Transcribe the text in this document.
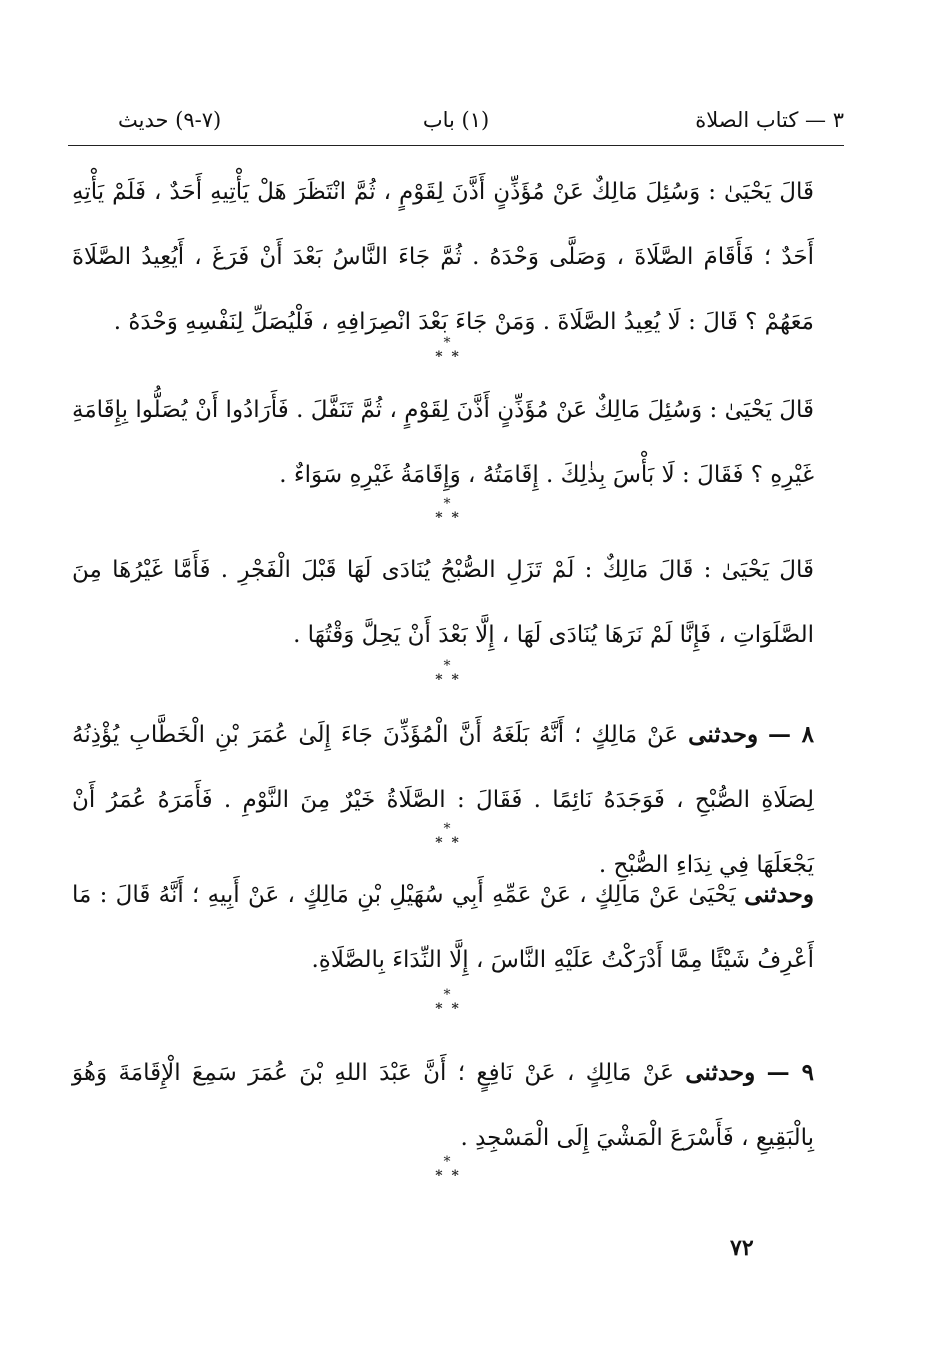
٣ — كتاب الصلاة
(١) باب
(٧-٩) حديث

قَالَ يَحْيَىٰ : وَسُئِلَ مَالِكٌ عَنْ مُؤَذِّنٍ أَذَّنَ لِقَوْمٍ ، ثُمَّ انْتَظَرَ هَلْ يَأْتِيهِ أَحَدٌ ، فَلَمْ يَأْتِهِ أَحَدٌ ؛ فَأَقَامَ الصَّلَاةَ ، وَصَلَّى وَحْدَهُ . ثُمَّ جَاءَ النَّاسُ بَعْدَ أَنْ فَرَغَ ، أَيُعِيدُ الصَّلَاةَ مَعَهُمْ ؟ قَالَ : لَا يُعِيدُ الصَّلَاةَ . وَمَنْ جَاءَ بَعْدَ انْصِرَافِهِ ، فَلْيُصَلِّ لِنَفْسِهِ وَحْدَهُ .

*
* *

قَالَ يَحْيَىٰ : وَسُئِلَ مَالِكٌ عَنْ مُؤَذِّنٍ أَذَّنَ لِقَوْمٍ ، ثُمَّ تَنَفَّلَ . فَأَرَادُوا أَنْ يُصَلُّوا بِإِقَامَةِ غَيْرِهِ ؟ فَقَالَ : لَا بَأْسَ بِذٰلِكَ . إِقَامَتُهُ ، وَإِقَامَةُ غَيْرِهِ سَوَاءٌ .

*
* *

قَالَ يَحْيَىٰ : قَالَ مَالِكٌ : لَمْ تَزَلِ الصُّبْحُ يُنَادَى لَهَا قَبْلَ الْفَجْرِ . فَأَمَّا غَيْرُهَا مِنَ الصَّلَوَاتِ ، فَإِنَّا لَمْ نَرَهَا يُنَادَى لَهَا ، إِلَّا بَعْدَ أَنْ يَحِلَّ وَقْتُهَا .

*
* *

٨ — وحدثنى عَنْ مَالِكٍ ؛ أَنَّهُ بَلَغَهُ أَنَّ الْمُؤَذِّنَ جَاءَ إِلَىٰ عُمَرَ بْنِ الْخَطَّابِ يُؤْذِنُهُ لِصَلَاةِ الصُّبْحِ ، فَوَجَدَهُ نَائِمًا . فَقَالَ : الصَّلَاةُ خَيْرٌ مِنَ النَّوْمِ . فَأَمَرَهُ عُمَرُ أَنْ يَجْعَلَهَا فِي نِدَاءِ الصُّبْحِ .

*
* *

وحدثنى يَحْيَىٰ عَنْ مَالِكٍ ، عَنْ عَمِّهِ أَبِي سُهَيْلِ بْنِ مَالِكٍ ، عَنْ أَبِيهِ ؛ أَنَّهُ قَالَ : مَا أَعْرِفُ شَيْئًا مِمَّا أَدْرَكْتُ عَلَيْهِ النَّاسَ ، إِلَّا النِّدَاءَ بِالصَّلَاةِ.

*
* *

٩ — وحدثنى عَنْ مَالِكٍ ، عَنْ نَافِعٍ ؛ أَنَّ عَبْدَ اللهِ بْنَ عُمَرَ سَمِعَ الْإِقَامَةَ وَهُوَ بِالْبَقِيعِ ، فَأَسْرَعَ الْمَشْيَ إِلَى الْمَسْجِدِ .

*
* *
٧٢
